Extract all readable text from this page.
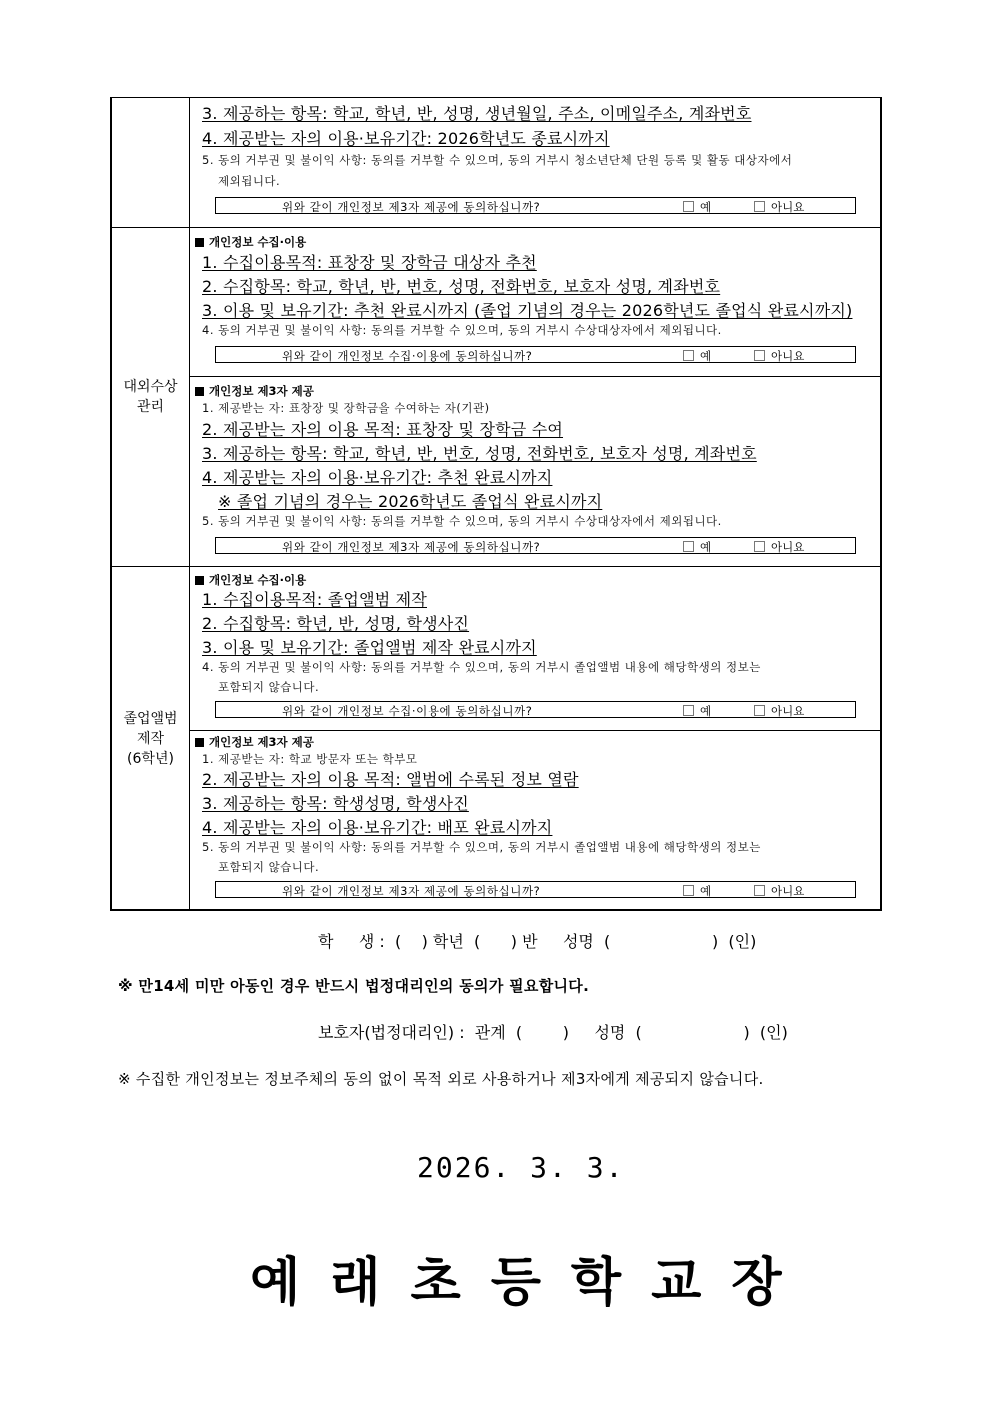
3. 제공하는 항목: 학교, 학년, 반, 성명, 생년월일, 주소, 이메일주소, 계좌번호
4. 제공받는 자의 이용·보유기간: 2026학년도 종료시까지
5. 동의 거부권 및 불이익 사항: 동의를 거부할 수 있으며, 동의 거부시 청소년단체 단원 등록 및 활동 대상자에서
제외됩니다.
위와 같이 개인정보 제3자 제공에 동의하십니까?	예	아니요
대외수상
관리
개인정보 수집·이용
1. 수집이용목적: 표창장 및 장학금 대상자 추천
2. 수집항목: 학교, 학년, 반, 번호, 성명, 전화번호, 보호자 성명, 계좌번호
3. 이용 및 보유기간: 추천 완료시까지 (졸업 기념의 경우는 2026학년도 졸업식 완료시까지)
4. 동의 거부권 및 불이익 사항: 동의를 거부할 수 있으며, 동의 거부시 수상대상자에서 제외됩니다.
위와 같이 개인정보 수집·이용에 동의하십니까?	예	아니요
개인정보 제3자 제공
1. 제공받는 자: 표창장 및 장학금을 수여하는 자(기관)
2. 제공받는 자의 이용 목적: 표창장 및 장학금 수여
3. 제공하는 항목: 학교, 학년, 반, 번호, 성명, 전화번호, 보호자 성명, 계좌번호
4. 제공받는 자의 이용·보유기간: 추천 완료시까지
※ 졸업 기념의 경우는 2026학년도 졸업식 완료시까지
5. 동의 거부권 및 불이익 사항: 동의를 거부할 수 있으며, 동의 거부시 수상대상자에서 제외됩니다.
위와 같이 개인정보 제3자 제공에 동의하십니까?	예	아니요
졸업앨범
제작
(6학년)
개인정보 수집·이용
1. 수집이용목적: 졸업앨범 제작
2. 수집항목: 학년, 반, 성명, 학생사진
3. 이용 및 보유기간: 졸업앨범 제작 완료시까지
4. 동의 거부권 및 불이익 사항: 동의를 거부할 수 있으며, 동의 거부시 졸업앨범 내용에 해당학생의 정보는
포함되지 않습니다.
위와 같이 개인정보 수집·이용에 동의하십니까?	예	아니요
개인정보 제3자 제공
1. 제공받는 자: 학교 방문자 또는 학부모
2. 제공받는 자의 이용 목적: 앨범에 수록된 정보 열람
3. 제공하는 항목: 학생성명, 학생사진
4. 제공받는 자의 이용·보유기간: 배포 완료시까지
5. 동의 거부권 및 불이익 사항: 동의를 거부할 수 있으며, 동의 거부시 졸업앨범 내용에 해당학생의 정보는
포함되지 않습니다.
위와 같이 개인정보 제3자 제공에 동의하십니까?	예	아니요
학     생 :  (    ) 학년  (      ) 반     성명  (                    )  (인)
※ 만14세 미만 아동인 경우 반드시 법정대리인의 동의가 필요합니다.
보호자(법정대리인) :  관계  (        )     성명  (                    )  (인)
※ 수집한 개인정보는 정보주체의 동의 없이 목적 외로 사용하거나 제3자에게 제공되지 않습니다.
2026. 3. 3.
예래초등학교장
